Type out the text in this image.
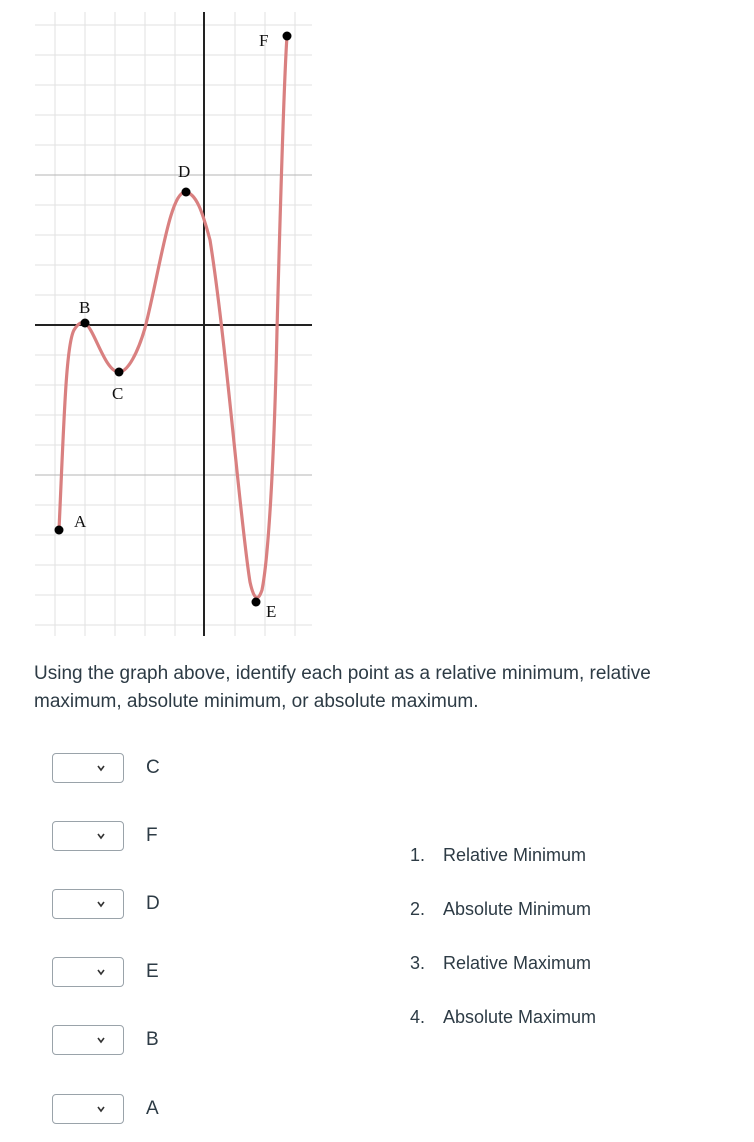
A
B
C
D
E
F

Using the graph above, identify each point as a relative minimum, relative maximum, absolute minimum, or absolute maximum.

C
F
D
E
B
A
1. Relative Minimum
2. Absolute Minimum
3. Relative Maximum
4. Absolute Maximum
